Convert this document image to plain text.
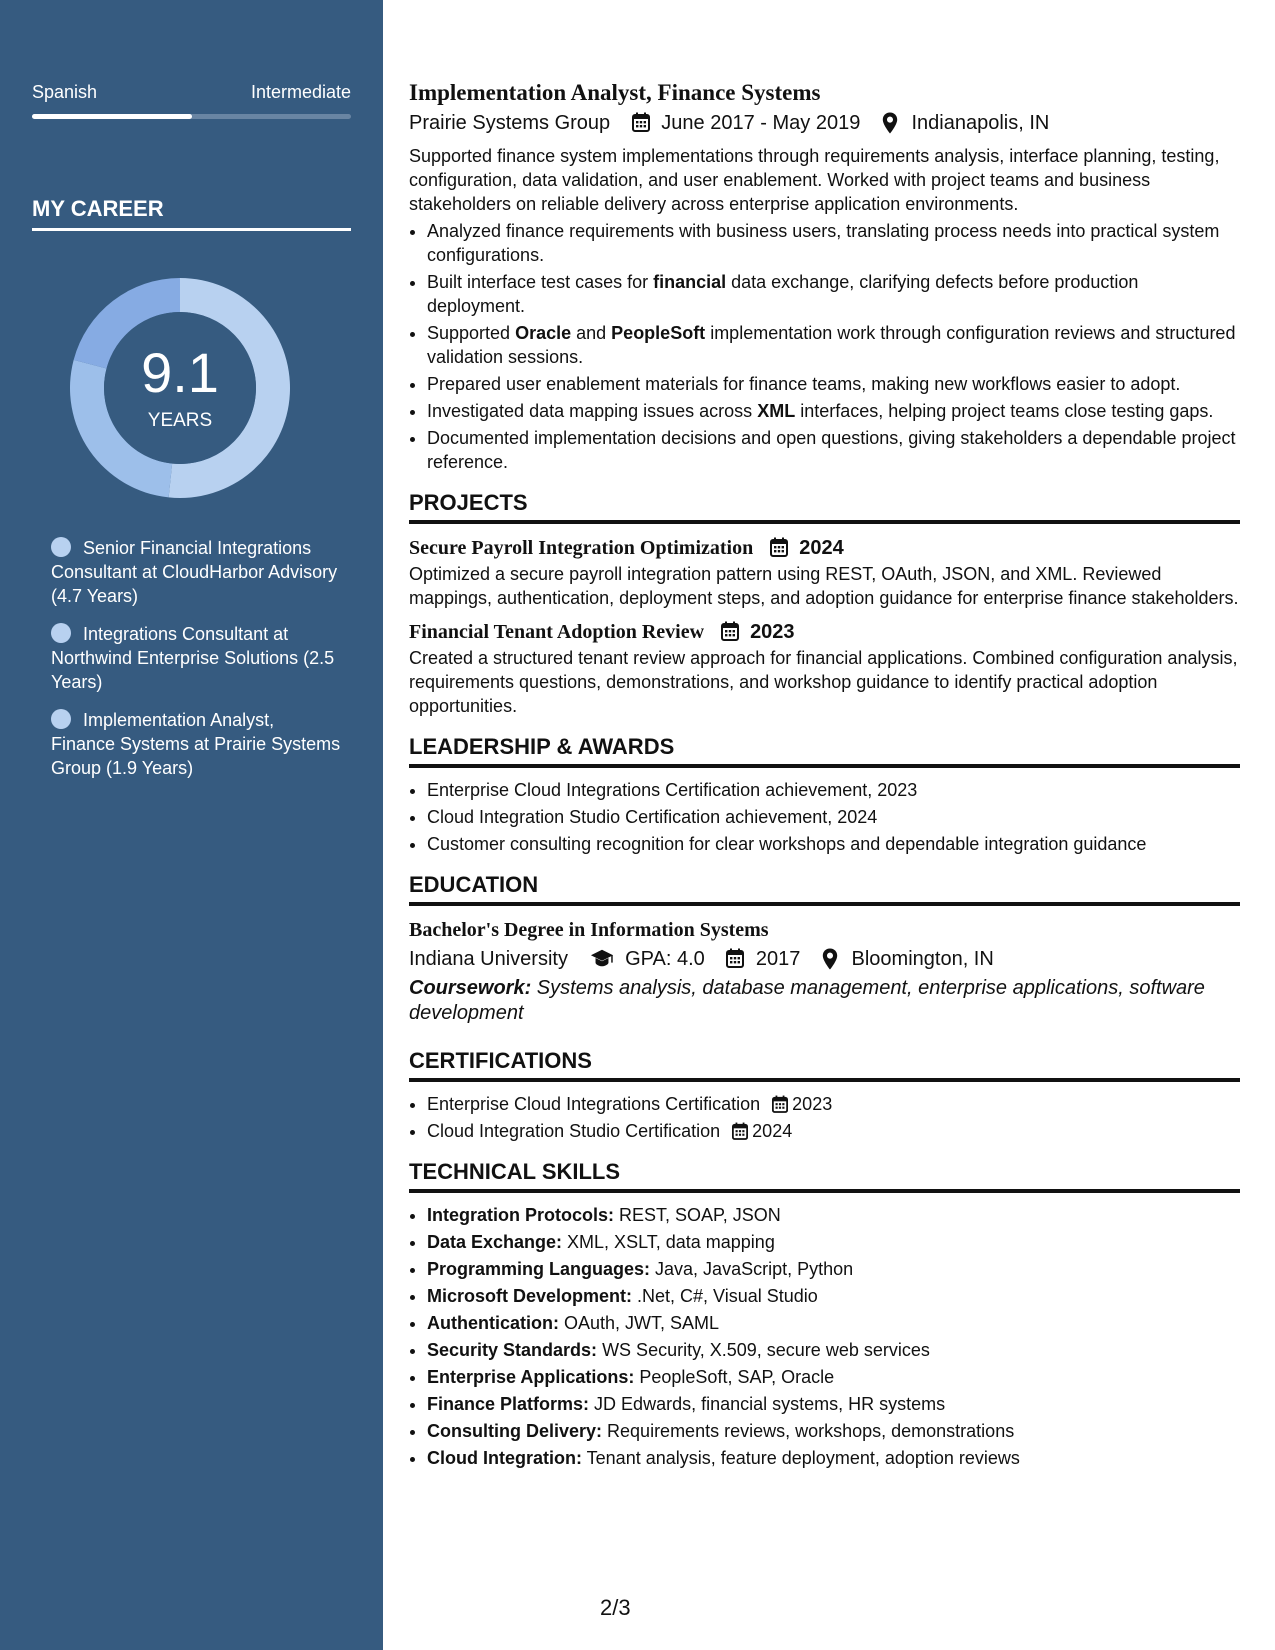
Spanish	Intermediate
MY CAREER
9.1
YEARS
Senior Financial Integrations Consultant at CloudHarbor Advisory (4.7 Years)
Integrations Consultant at Northwind Enterprise Solutions (2.5 Years)
Implementation Analyst, Finance Systems at Prairie Systems Group (1.9 Years)
Implementation Analyst, Finance Systems
Prairie Systems Group	June 2017 - May 2019	Indianapolis, IN

Supported finance system implementations through requirements analysis, interface planning, testing, configuration, data validation, and user enablement. Worked with project teams and business stakeholders on reliable delivery across enterprise application environments.

• Analyzed finance requirements with business users, translating process needs into practical system configurations.
• Built interface test cases for financial data exchange, clarifying defects before production deployment.
• Supported Oracle and PeopleSoft implementation work through configuration reviews and structured validation sessions.
• Prepared user enablement materials for finance teams, making new workflows easier to adopt.
• Investigated data mapping issues across XML interfaces, helping project teams close testing gaps.
• Documented implementation decisions and open questions, giving stakeholders a dependable project reference.
PROJECTS
Secure Payroll Integration Optimization 2024

Optimized a secure payroll integration pattern using REST, OAuth, JSON, and XML. Reviewed mappings, authentication, deployment steps, and adoption guidance for enterprise finance stakeholders.

Financial Tenant Adoption Review 2023

Created a structured tenant review approach for financial applications. Combined configuration analysis, requirements questions, demonstrations, and workshop guidance to identify practical adoption opportunities.

LEADERSHIP & AWARDS
• Enterprise Cloud Integrations Certification achievement, 2023
• Cloud Integration Studio Certification achievement, 2024
• Customer consulting recognition for clear workshops and dependable integration guidance
EDUCATION
Bachelor's Degree in Information Systems
Indiana University	GPA: 4.0	2017	Bloomington, IN
Coursework: Systems analysis, database management, enterprise applications, software development
CERTIFICATIONS
• Enterprise Cloud Integrations Certification 2023
• Cloud Integration Studio Certification 2024
TECHNICAL SKILLS
• Integration Protocols: REST, SOAP, JSON
• Data Exchange: XML, XSLT, data mapping
• Programming Languages: Java, JavaScript, Python
• Microsoft Development: .Net, C#, Visual Studio
• Authentication: OAuth, JWT, SAML
• Security Standards: WS Security, X.509, secure web services
• Enterprise Applications: PeopleSoft, SAP, Oracle
• Finance Platforms: JD Edwards, financial systems, HR systems
• Consulting Delivery: Requirements reviews, workshops, demonstrations
• Cloud Integration: Tenant analysis, feature deployment, adoption reviews
2/3
